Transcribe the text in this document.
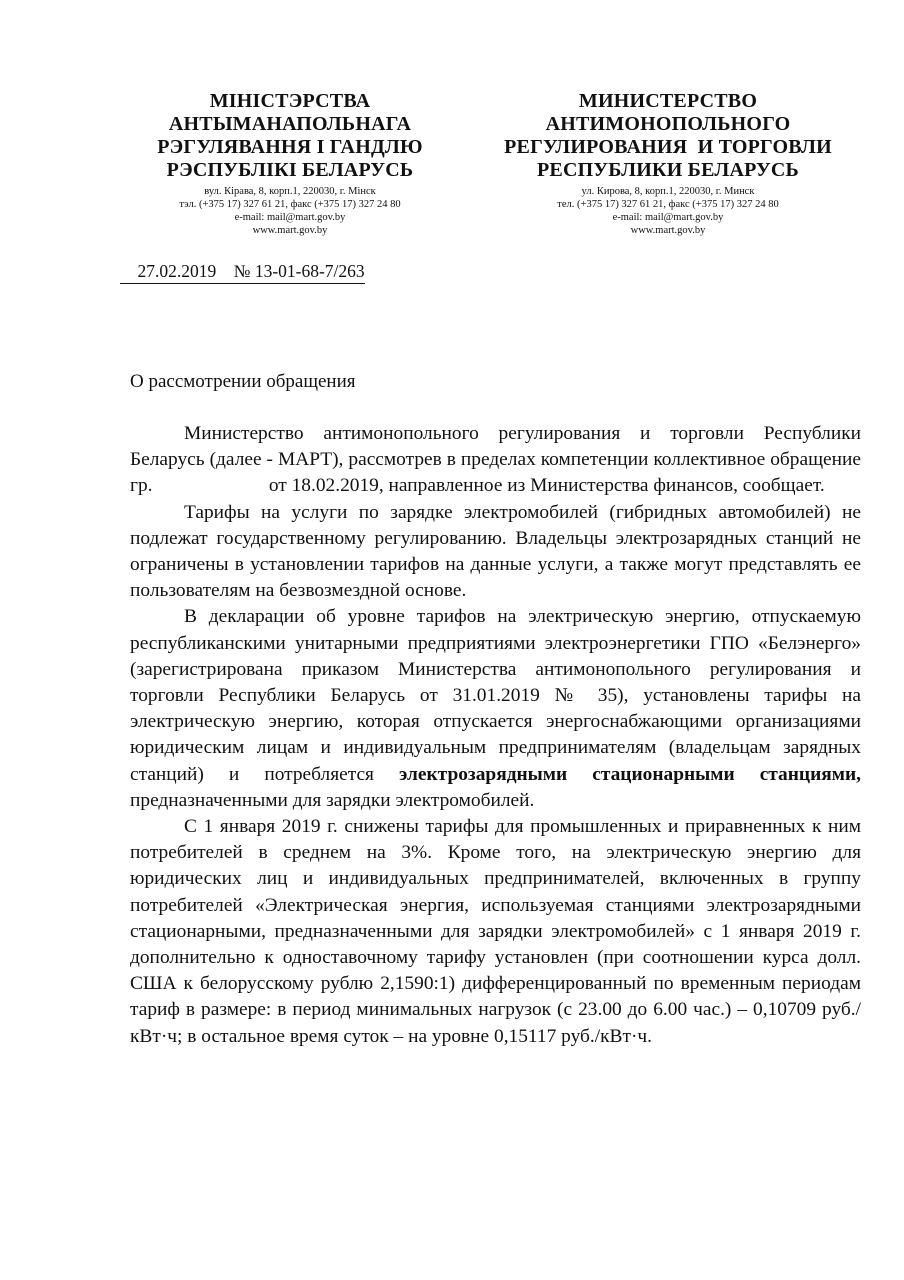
МІНІСТЭРСТВА
АНТЫМАНАПОЛЬНАГА
РЭГУЛЯВАННЯ І ГАНДЛЮ
РЭСПУБЛІКІ БЕЛАРУСЬ
вул. Кірава, 8, корп.1, 220030, г. Мінск
тэл. (+375 17) 327 61 21, факс (+375 17) 327 24 80
e-mail: mail@mart.gov.by
www.mart.gov.by
МИНИСТЕРСТВО
АНТИМОНОПОЛЬНОГО
РЕГУЛИРОВАНИЯ  И ТОРГОВЛИ
РЕСПУБЛИКИ БЕЛАРУСЬ
ул. Кирова, 8, корп.1, 220030, г. Минск
тел. (+375 17) 327 61 21, факс (+375 17) 327 24 80
e-mail: mail@mart.gov.by
www.mart.gov.by
27.02.2019 № 13-01-68-7/263
О рассмотрении обращения

Министерство антимонопольного регулирования и торговли Республики Беларусь (далее - МАРТ), рассмотрев в пределах компетенции коллективное обращение гр.                        от 18.02.2019, направленное из Министерства финансов, сообщает.

Тарифы на услуги по зарядке электромобилей (гибридных автомобилей) не подлежат государственному регулированию. Владельцы электрозарядных станций не ограничены в установлении тарифов на данные услуги, а также могут представлять ее пользователям на безвозмездной основе.

В декларации об уровне тарифов на электрическую энергию, отпускаемую республиканскими унитарными предприятиями электроэнергетики ГПО «Белэнерго» (зарегистрирована приказом Министерства антимонопольного регулирования и торговли Республики Беларусь от 31.01.2019 № 35), установлены тарифы на электрическую энергию, которая отпускается энергоснабжающими организациями юридическим лицам и индивидуальным предпринимателям (владельцам зарядных станций) и потребляется электрозарядными стационарными станциями, предназначенными для зарядки электромобилей.

С 1 января 2019 г. снижены тарифы для промышленных и приравненных к ним потребителей в среднем на 3%. Кроме того, на электрическую энергию для юридических лиц и индивидуальных предпринимателей, включенных в группу потребителей «Электрическая энергия, используемая станциями электрозарядными стационарными, предназначенными для зарядки электромобилей» с 1 января 2019 г. дополнительно к одноставочному тарифу установлен (при соотношении курса долл. США к белорусскому рублю 2,1590:1) дифференцированный по временным периодам тариф в размере: в период минимальных нагрузок (с 23.00 до 6.00 час.) – 0,10709 руб./кВт·ч; в остальное время суток – на уровне 0,15117 руб./кВт·ч.
